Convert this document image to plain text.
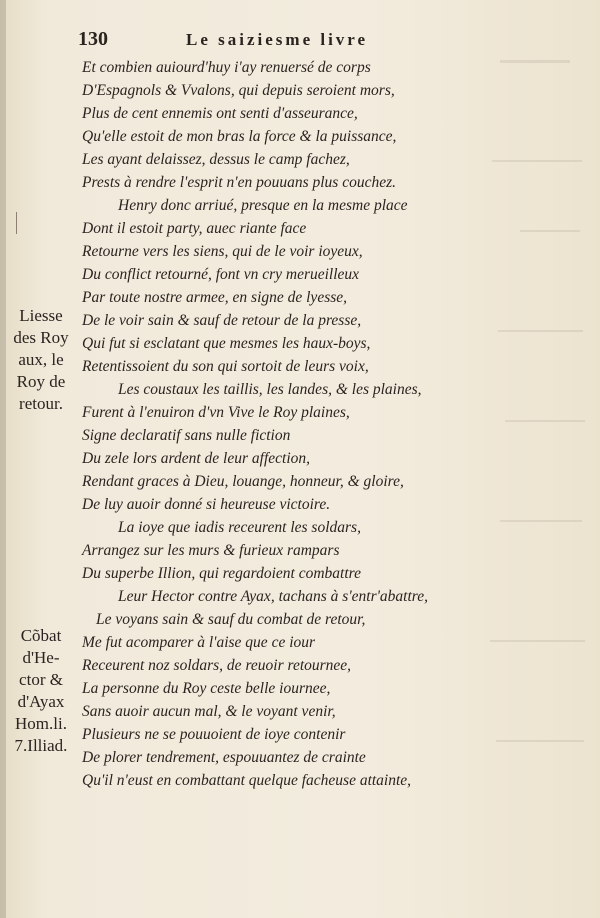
130	Le saiziesme livre
Et combien auiourd'huy i'ay renuersé de corps
D'Espagnols & Vvalons, qui depuis seroient mors,
Plus de cent ennemis ont senti d'asseurance,
Qu'elle estoit de mon bras la force & la puissance,
Les ayant delaissez, dessus le camp fachez,
Prests à rendre l'esprit n'en pouuans plus couchez.
Henry donc arriué, presque en la mesme place
Dont il estoit party, auec riante face
Retourne vers les siens, qui de le voir ioyeux,
Du conflict retourné, font vn cry merueilleux
Par toute nostre armee, en signe de lyesse,
De le voir sain & sauf de retour de la presse,
Qui fut si esclatant que mesmes les haux-boys,
Retentissoient du son qui sortoit de leurs voix,
Les coustaux les taillis, les landes, & les plaines,
Furent à l'enuiron d'vn Vive le Roy plaines,
Signe declaratif sans nulle fiction
Du zele lors ardent de leur affection,
Rendant graces à Dieu, louange, honneur, & gloire,
De luy auoir donné si heureuse victoire.
La ioye que iadis receurent les soldars,
Arrangez sur les murs & furieux rampars
Du superbe Illion, qui regardoient combattre
Leur Hector contre Ayax, tachans à s'entr'abattre,
Le voyans sain & sauf du combat de retour,
Me fut acomparer à l'aise que ce iour
Receurent noz soldars, de reuoir retournee,
La personne du Roy ceste belle iournee,
Sans auoir aucun mal, & le voyant venir,
Plusieurs ne se pouuoient de ioye contenir
De plorer tendrement, espouuantez de crainte
Qu'il n'eust en combattant quelque facheuse attainte,
Liesse
des Roy
aux, le
Roy de
retour.
Cõbat
d'He-
ctor &
d'Ayax
Hom.li.
7.Illiad.
